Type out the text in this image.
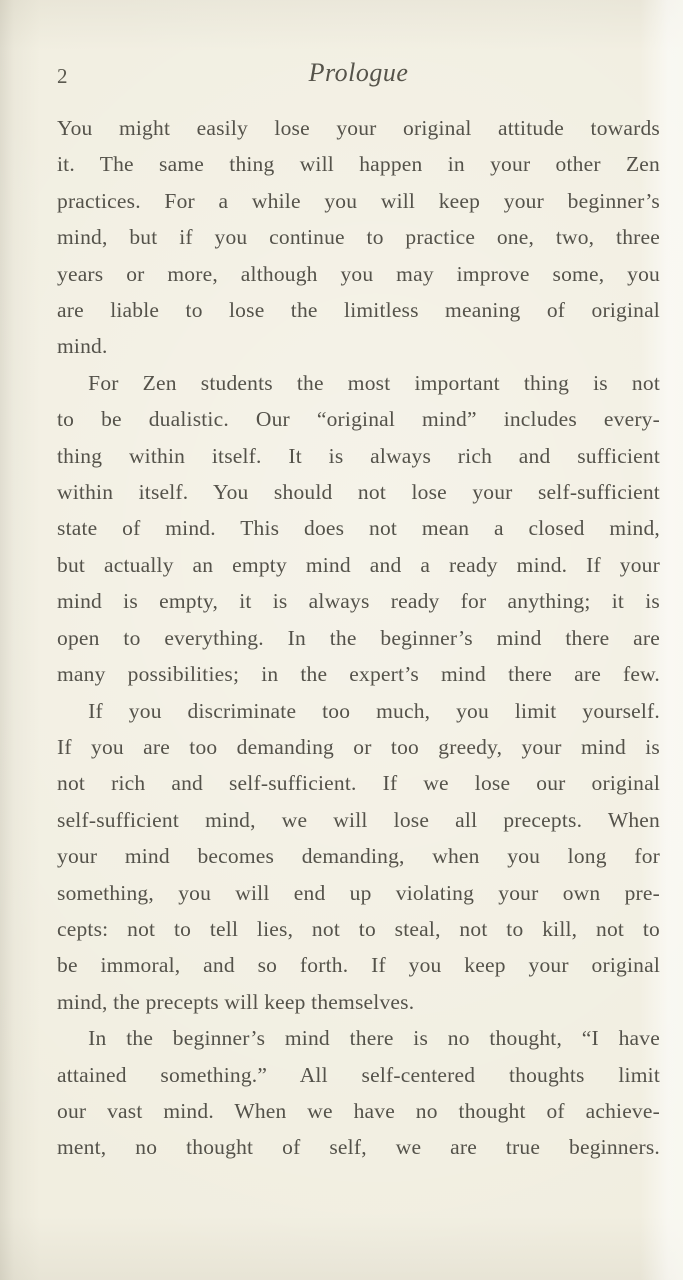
2	Prologue

You might easily lose your original attitude towards
it. The same thing will happen in your other Zen
practices. For a while you will keep your beginner’s
mind, but if you continue to practice one, two, three
years or more, although you may improve some, you
are liable to lose the limitless meaning of original
mind.

For Zen students the most important thing is not
to be dualistic. Our “original mind” includes every-
thing within itself. It is always rich and sufficient
within itself. You should not lose your self-sufficient
state of mind. This does not mean a closed mind,
but actually an empty mind and a ready mind. If your
mind is empty, it is always ready for anything; it is
open to everything. In the beginner’s mind there are
many possibilities; in the expert’s mind there are few.

If you discriminate too much, you limit yourself.
If you are too demanding or too greedy, your mind is
not rich and self-sufficient. If we lose our original
self-sufficient mind, we will lose all precepts. When
your mind becomes demanding, when you long for
something, you will end up violating your own pre-
cepts: not to tell lies, not to steal, not to kill, not to
be immoral, and so forth. If you keep your original
mind, the precepts will keep themselves.

In the beginner’s mind there is no thought, “I have
attained something.” All self-centered thoughts limit
our vast mind. When we have no thought of achieve-
ment, no thought of self, we are true beginners.
